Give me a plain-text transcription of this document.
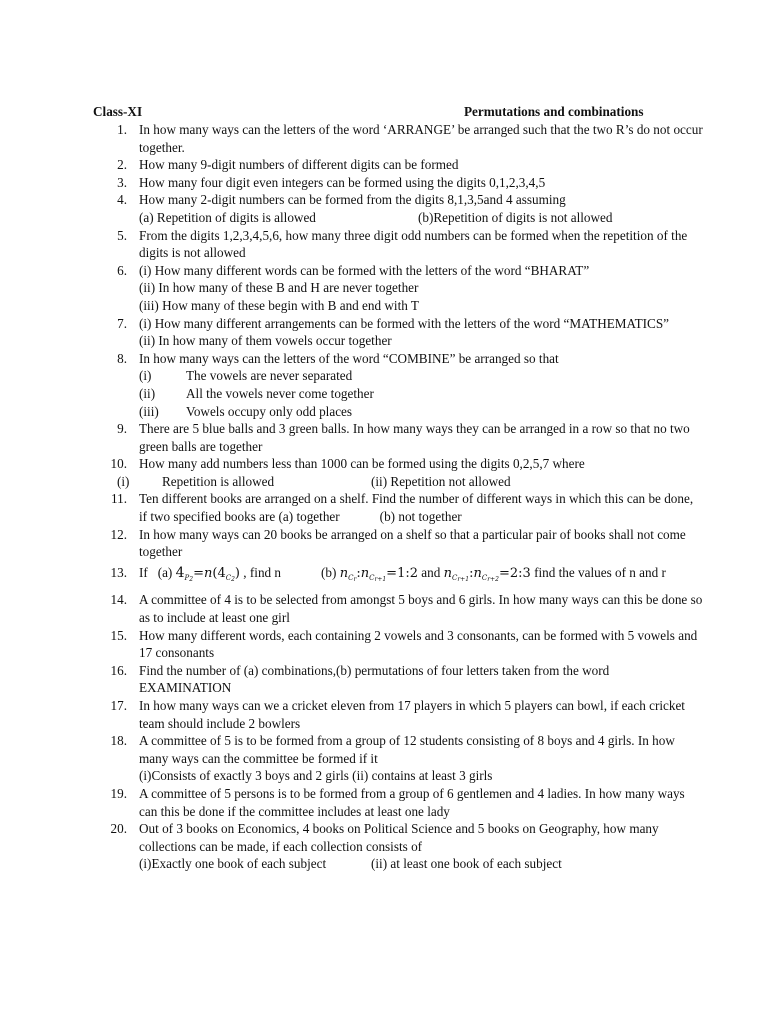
Class-XI	Permutations and combinations
1. In how many ways can the letters of the word ‘ARRANGE’ be arranged such that the two R’s do not occur together.
2. How many 9-digit numbers of different digits can be formed
3. How many four digit even integers can be formed using the digits 0,1,2,3,4,5
4. How many 2-digit numbers can be formed from the digits 8,1,3,5and 4 assuming
(a) Repetition of digits is allowed	(b)Repetition of digits is not allowed
5. From the digits 1,2,3,4,5,6, how many three digit odd numbers can be formed when the repetition of the digits is not allowed
6. (i) How many different words can be formed with the letters of the word “BHARAT”
(ii) In how many of these B and H are never together
(iii) How many of these begin with B and end with T
7. (i) How many different arrangements can be formed with the letters of the word “MATHEMATICS”
(ii) In how many of them vowels occur together
8. In how many ways can the letters of the word “COMBINE” be arranged so that
(i)	The vowels are never separated
(ii) All the vowels never come together
(iii) Vowels occupy only odd places
9. There are 5 blue balls and 3 green balls. In how many ways they can be arranged in a row so that no two green balls are together
10. How many add numbers less than 1000 can be formed using the digits 0,2,5,7 where
(i) Repetition is allowed	(ii) Repetition not allowed
11. Ten different books are arranged on a shelf. Find the number of different ways in which this can be done, if two specified books are (a) together	(b) not together
12. In how many ways can 20 books be arranged on a shelf so that a particular pair of books shall not come together
13. If (a) $4_{P2}=n(4_{C2})$ , find n	(b) $n_{Cr}:n_{Cr+1}=1:2$ and $n_{Cr+1}:n_{Cr+2}=2:3$ find the values of n and r
14. A committee of 4 is to be selected from amongst 5 boys and 6 girls. In how many ways can this be done so as to include at least one girl
15. How many different words, each containing 2 vowels and 3 consonants, can be formed with 5 vowels and 17 consonants
16. Find the number of (a) combinations,(b) permutations of four letters taken from the word EXAMINATION
17. In how many ways can we a cricket eleven from 17 players in which 5 players can bowl, if each cricket team should include 2 bowlers
18. A committee of 5 is to be formed from a group of 12 students consisting of 8 boys and 4 girls. In how many ways can the committee be formed if it
(i)Consists of exactly 3 boys and 2 girls (ii) contains at least 3 girls
19. A committee of 5 persons is to be formed from a group of 6 gentlemen and 4 ladies. In how many ways can this be done if the committee includes at least one lady
20. Out of 3 books on Economics, 4 books on Political Science and 5 books on Geography, how many collections can be made, if each collection consists of
(i)Exactly one book of each subject	(ii) at least one book of each subject
